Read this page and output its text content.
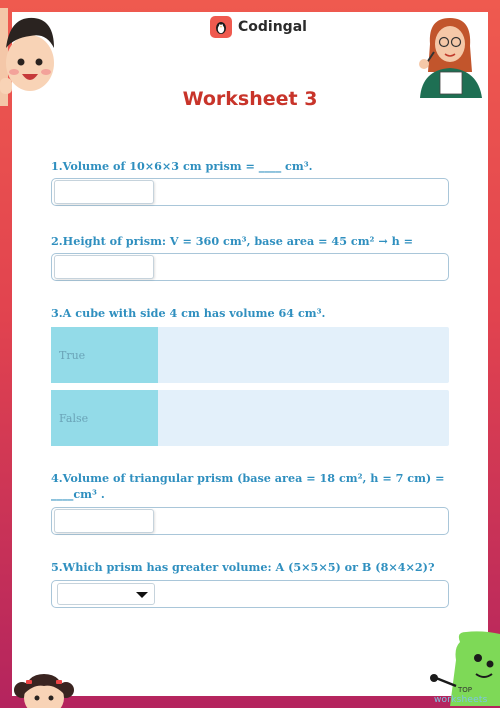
Codingal
Worksheet 3
1.Volume of 10×6×3 cm prism = ____ cm³.
2.Height of prism: V = 360 cm³, base area = 45 cm² → h =
3.A cube with side 4 cm has volume 64 cm³.
True
False
4.Volume of triangular prism (base area = 18 cm², h = 7 cm) = ____cm³ .
5.Which prism has greater volume: A (5×5×5) or B (8×4×2)?
TOP
worksheets
